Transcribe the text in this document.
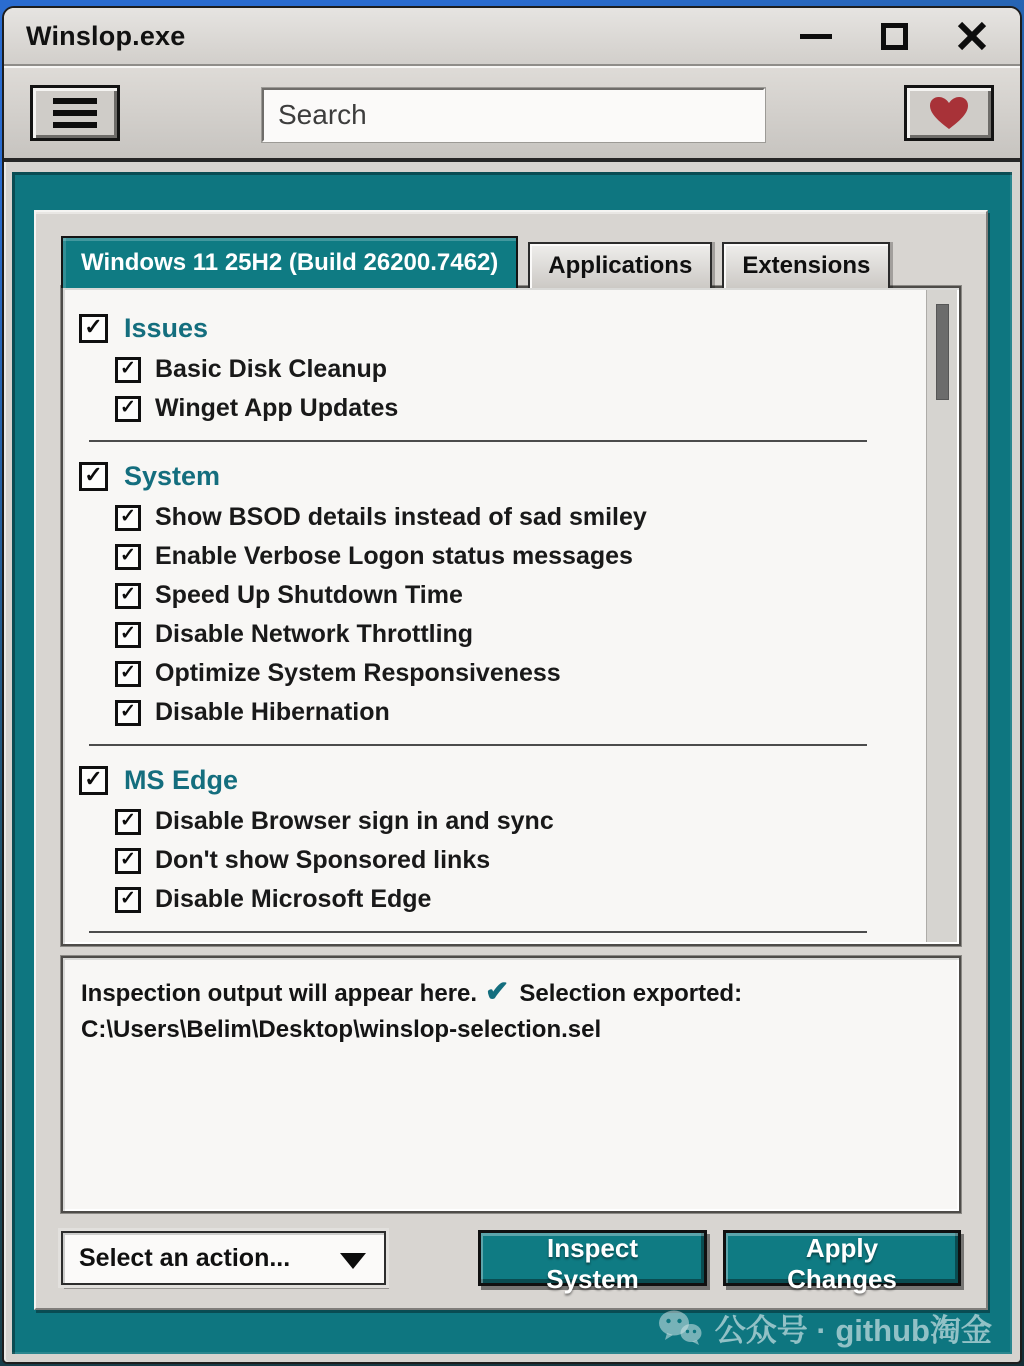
Winslop.exe
Search
Windows 11 25H2 (Build 26200.7462)	Applications	Extensions
✓
Issues
✓
Basic Disk Cleanup
✓
Winget App Updates
✓
System
✓
Show BSOD details instead of sad smiley
✓
Enable Verbose Logon status messages
✓
Speed Up Shutdown Time
✓
Disable Network Throttling
✓
Optimize System Responsiveness
✓
Disable Hibernation
✓
MS Edge
✓
Disable Browser sign in and sync
✓
Don't show Sponsored links
✓
Disable Microsoft Edge

Inspection output will appear here. ✔ Selection exported: C:\Users\Belim\Desktop\winslop-selection.sel

Select an action...	Inspect System
Apply Changes
公众号 · github淘金
